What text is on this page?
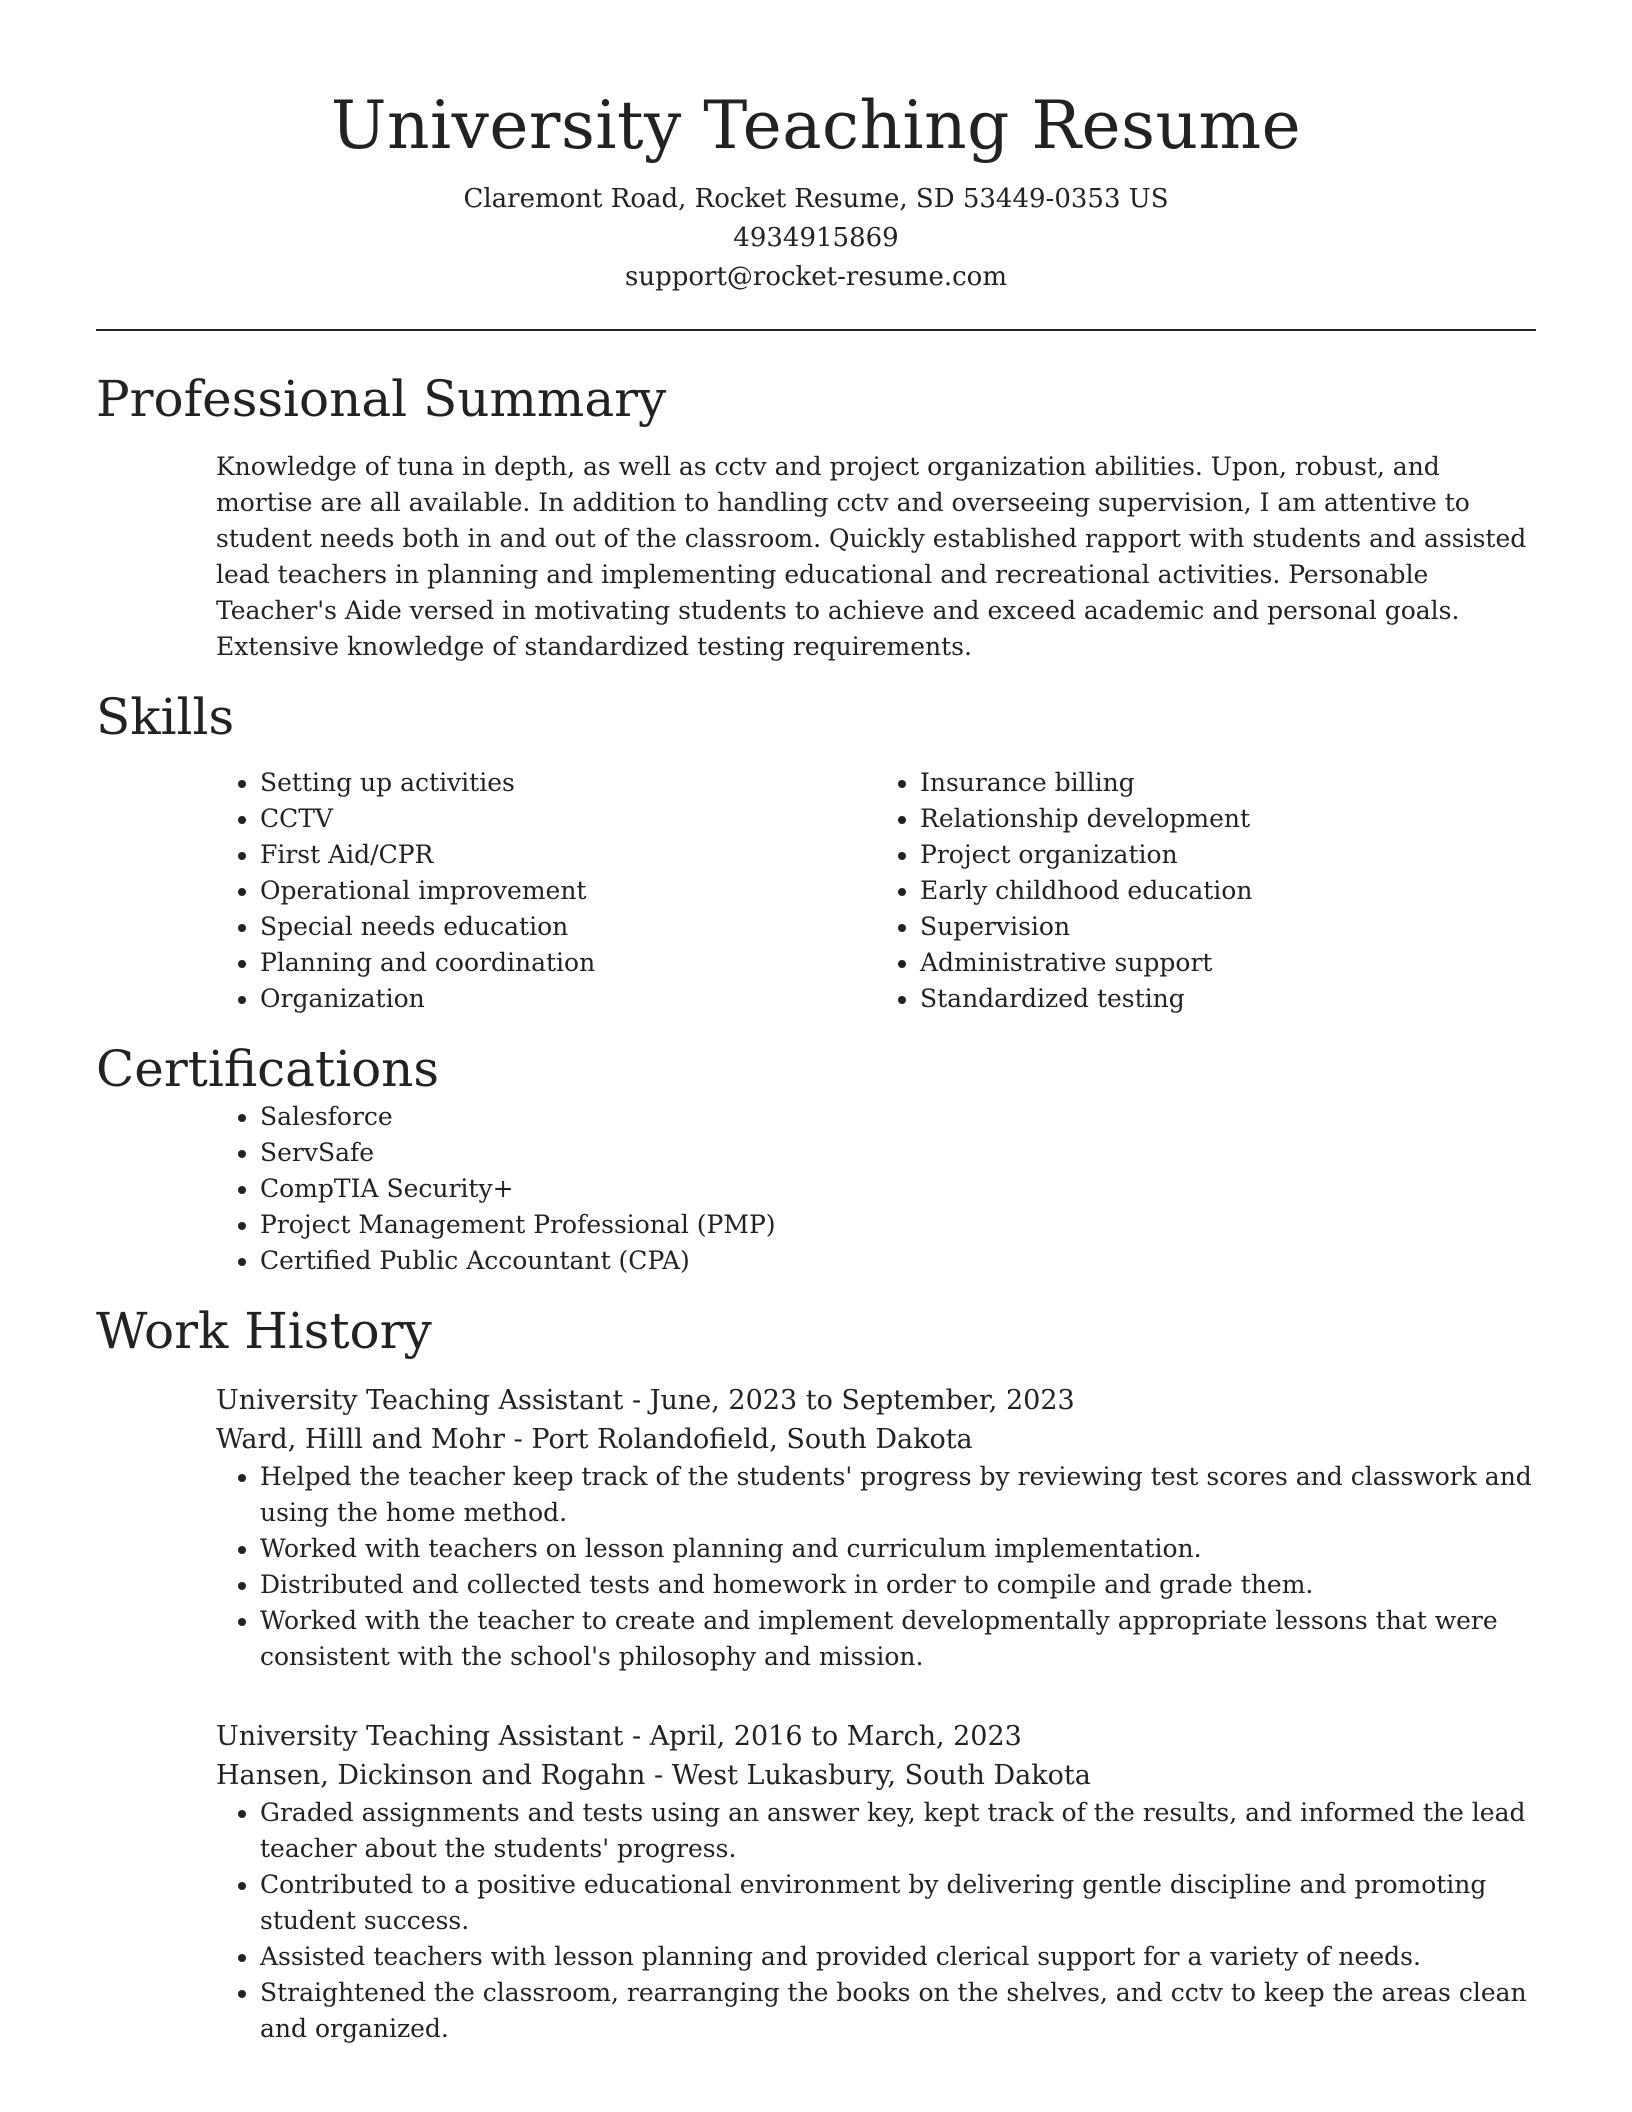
University Teaching Resume
Claremont Road, Rocket Resume, SD 53449-0353 US
4934915869
support@rocket-resume.com
Professional Summary

Knowledge of tuna in depth, as well as cctv and project organization abilities. Upon, robust, and mortise are all available. In addition to handling cctv and overseeing supervision, I am attentive to student needs both in and out of the classroom. Quickly established rapport with students and assisted lead teachers in planning and implementing educational and recreational activities. Personable Teacher's Aide versed in motivating students to achieve and exceed academic and personal goals. Extensive knowledge of standardized testing requirements.

Skills
• Setting up activities
• CCTV
• First Aid/CPR
• Operational improvement
• Special needs education
• Planning and coordination
• Organization
• Insurance billing
• Relationship development
• Project organization
• Early childhood education
• Supervision
• Administrative support
• Standardized testing
Certifications
• Salesforce
• ServSafe
• CompTIA Security+
• Project Management Professional (PMP)
• Certified Public Accountant (CPA)
Work History
University Teaching Assistant - June, 2023 to September, 2023
Ward, Hilll and Mohr - Port Rolandofield, South Dakota
• Helped the teacher keep track of the students' progress by reviewing test scores and classwork and using the home method.
• Worked with teachers on lesson planning and curriculum implementation.
• Distributed and collected tests and homework in order to compile and grade them.
• Worked with the teacher to create and implement developmentally appropriate lessons that were consistent with the school's philosophy and mission.
University Teaching Assistant - April, 2016 to March, 2023
Hansen, Dickinson and Rogahn - West Lukasbury, South Dakota
• Graded assignments and tests using an answer key, kept track of the results, and informed the lead teacher about the students' progress.
• Contributed to a positive educational environment by delivering gentle discipline and promoting student success.
• Assisted teachers with lesson planning and provided clerical support for a variety of needs.
• Straightened the classroom, rearranging the books on the shelves, and cctv to keep the areas clean and organized.
